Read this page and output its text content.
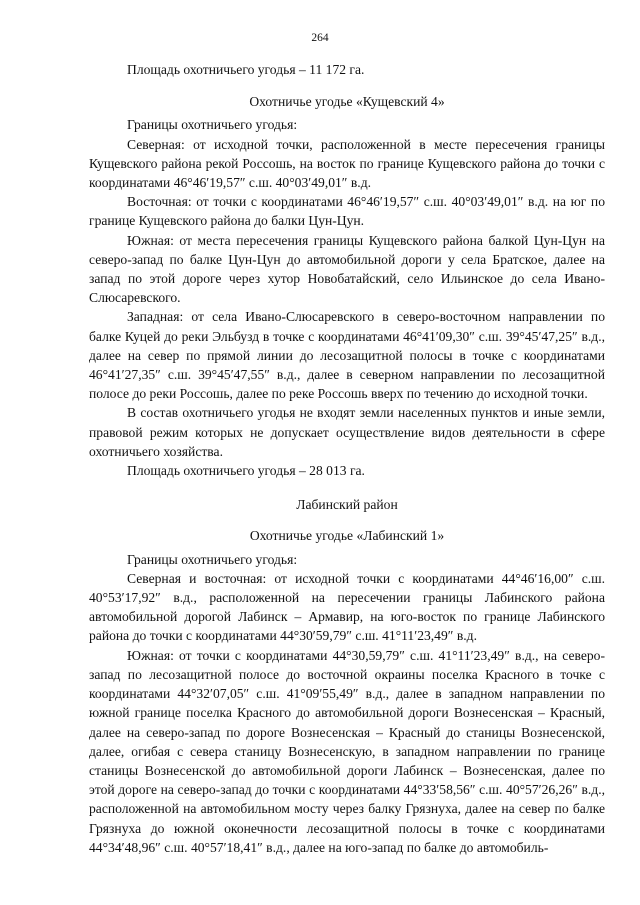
264

Площадь охотничьего угодья – 11 172 га.

Охотничье угодье «Кущевский 4»

Границы охотничьего угодья:

Северная: от исходной точки, расположенной в месте пересечения границы Кущевского района рекой Россошь, на восток по границе Кущевского района до точки с координатами 46°46′19,57″ с.ш. 40°03′49,01″ в.д.

Восточная: от точки с координатами 46°46′19,57″ с.ш. 40°03′49,01″ в.д. на юг по границе Кущевского района до балки Цун-Цун.

Южная: от места пересечения границы Кущевского района балкой Цун-Цун на северо-запад по балке Цун-Цун до автомобильной дороги у села Братское, далее на запад по этой дороге через хутор Новобатайский, село Ильинское до села Ивано-Слюсаревского.

Западная: от села Ивано-Слюсаревского в северо-восточном направлении по балке Куцей до реки Эльбузд в точке с координатами 46°41′09,30″ с.ш. 39°45′47,25″ в.д., далее на север по прямой линии до лесозащитной полосы в точке с координатами 46°41′27,35″ с.ш. 39°45′47,55″ в.д., далее в северном направлении по лесозащитной полосе до реки Россошь, далее по реке Россошь вверх по течению до исходной точки.

В состав охотничьего угодья не входят земли населенных пунктов и иные земли, правовой режим которых не допускает осуществление видов деятельности в сфере охотничьего хозяйства.

Площадь охотничьего угодья – 28 013 га.

Лабинский район

Охотничье угодье «Лабинский 1»

Границы охотничьего угодья:

Северная и восточная: от исходной точки с координатами 44°46′16,00″ с.ш. 40°53′17,92″ в.д., расположенной на пересечении границы Лабинского района автомобильной дорогой Лабинск – Армавир, на юго-восток по границе Лабинского района до точки с координатами 44°30′59,79″ с.ш. 41°11′23,49″ в.д.

Южная: от точки с координатами 44°30,59,79″ с.ш. 41°11′23,49″ в.д., на северо-запад по лесозащитной полосе до восточной окраины поселка Красного в точке с координатами 44°32′07,05″ с.ш. 41°09′55,49″ в.д., далее в западном направлении по южной границе поселка Красного до автомобильной дороги Вознесенская – Красный, далее на северо-запад по дороге Вознесенская – Красный до станицы Вознесенской, далее, огибая с севера станицу Вознесенскую, в западном направлении по границе станицы Вознесенской до автомобильной дороги Лабинск – Вознесенская, далее по этой дороге на северо-запад до точки с координатами 44°33′58,56″ с.ш. 40°57′26,26″ в.д., расположенной на автомобильном мосту через балку Грязнуха, далее на север по балке Грязнуха до южной оконечности лесозащитной полосы в точке с координатами 44°34′48,96″ с.ш. 40°57′18,41″ в.д., далее на юго-запад по балке до автомобиль-
